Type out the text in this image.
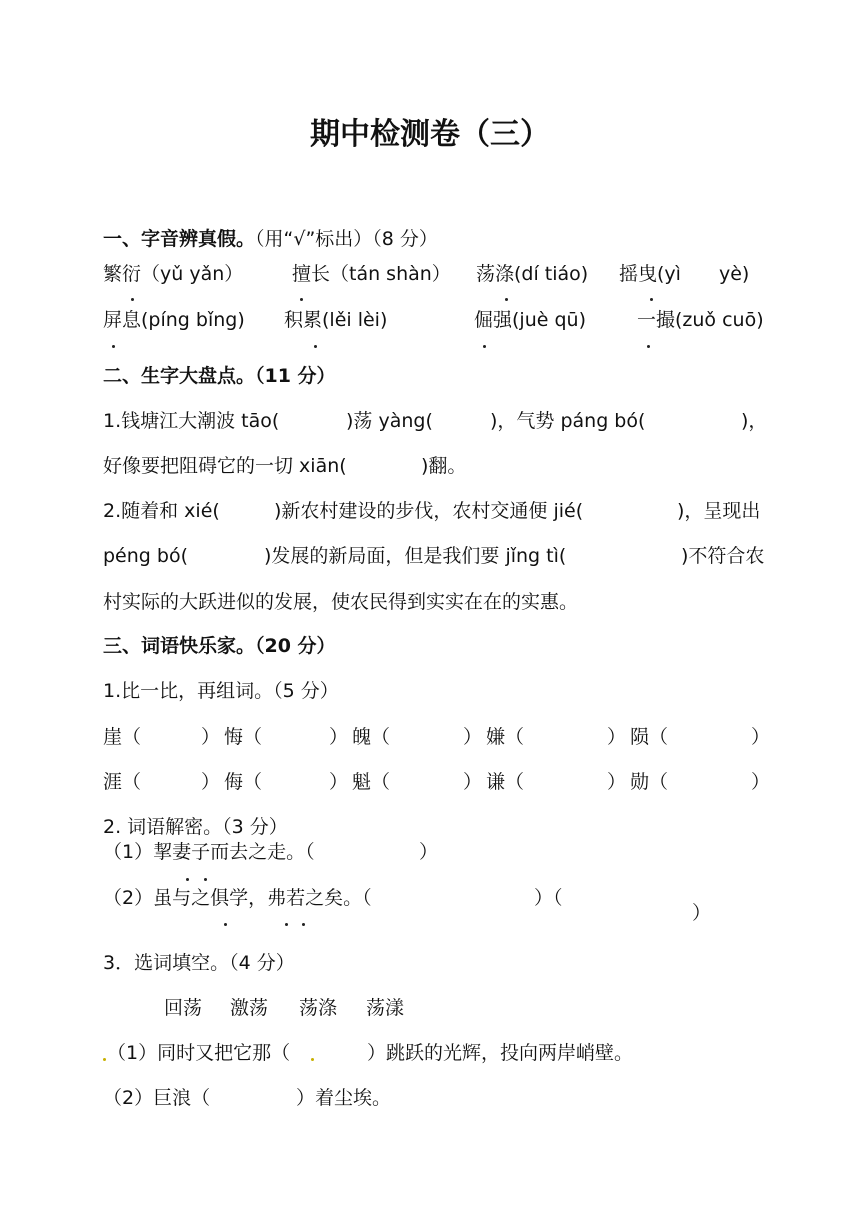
期中检测卷（三）
一、字音辨真假。（用“√”标出）（8 分）
繁衍（yǔ yǎn）	擅长（tán shàn） 荡涤(dí tiáo) 摇曳(yì yè)
屏息(píng bǐng) 积累(lěi lèi)	倔强(juè qū)	一撮(zuǒ cuō)
二、生字大盘点。（11 分）
1.钱塘江大潮波 tāo(	)荡 yàng(	)，气势 páng bó(	)，
好像要把阻碍它的一切 xiān(	)翻。
2.随着和 xié(	)新农村建设的步伐，农村交通便 jié(	)，呈现出
péng bó(	)发展的新局面，但是我们要 jǐng tì(	)不符合农
村实际的大跃进似的发展，使农民得到实实在在的实惠。
三、词语快乐家。（20 分）
1.比一比，再组词。（5 分）
崖 （	） 悔 （	） 魄 （	） 嫌 （	） 陨 （	）
涯 （	） 侮 （	） 魁 （	） 谦 （	） 勋 （	）
2. 词语解密。（3 分）
（1）挈妻子而去之走。（	）
（2）虽与之俱学，弗若之矣。（	）（
）
3．选词填空。（4 分）
回荡 激荡 荡涤 荡漾
（1）同时又把它那（	）跳跃的光辉，投向两岸峭壁。
（2）巨浪（	）着尘埃。
